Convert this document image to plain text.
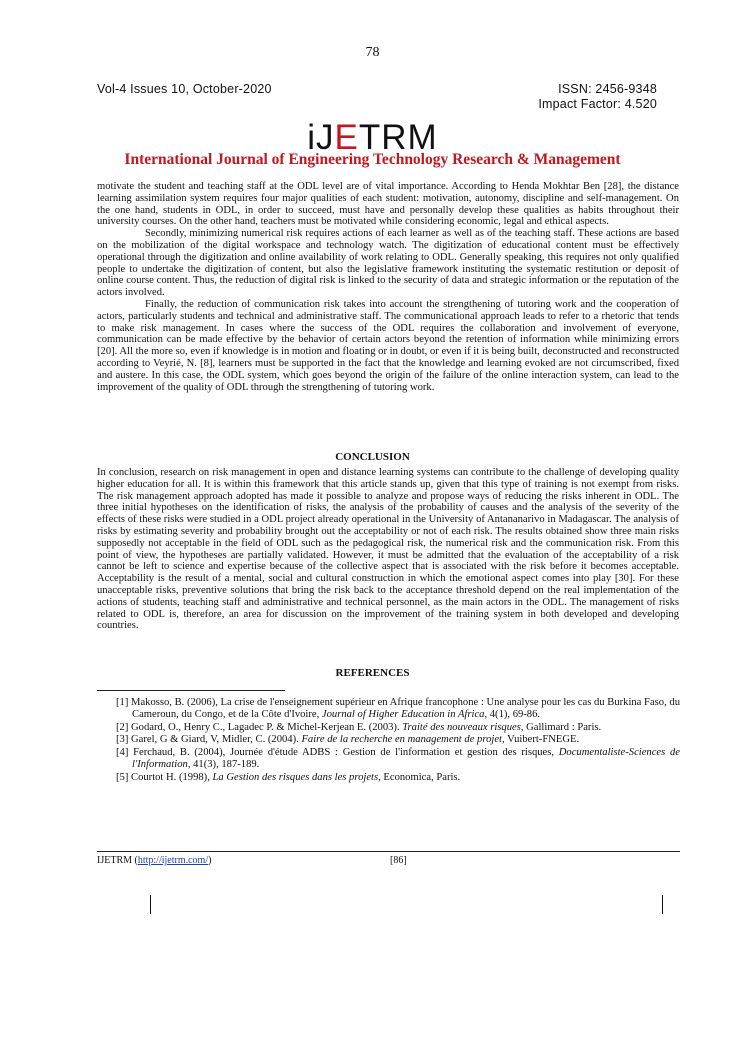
78
Vol-4 Issues 10, October-2020	ISSN: 2456-9348
Impact Factor: 4.520
iJETRM
International Journal of Engineering Technology Research & Management

motivate the student and teaching staff at the ODL level are of vital importance. According to Henda Mokhtar Ben [28], the distance learning assimilation system requires four major qualities of each student: motivation, autonomy, discipline and self-management. On the one hand, students in ODL, in order to succeed, must have and personally develop these qualities as habits throughout their university courses. On the other hand, teachers must be motivated while considering economic, legal and ethical aspects.

Secondly, minimizing numerical risk requires actions of each learner as well as of the teaching staff. These actions are based on the mobilization of the digital workspace and technology watch. The digitization of educational content must be effectively operational through the digitization and online availability of work relating to ODL. Generally speaking, this requires not only qualified people to undertake the digitization of content, but also the legislative framework instituting the systematic restitution or deposit of online course content. Thus, the reduction of digital risk is linked to the security of data and strategic information or the reputation of the actors involved.

Finally, the reduction of communication risk takes into account the strengthening of tutoring work and the cooperation of actors, particularly students and technical and administrative staff. The communicational approach leads to refer to a rhetoric that tends to make risk management. In cases where the success of the ODL requires the collaboration and involvement of everyone, communication can be made effective by the behavior of certain actors beyond the retention of information while minimizing errors [20]. All the more so, even if knowledge is in motion and floating or in doubt, or even if it is being built, deconstructed and reconstructed according to Veyrié, N. [8], learners must be supported in the fact that the knowledge and learning evoked are not circumscribed, fixed and austere. In this case, the ODL system, which goes beyond the origin of the failure of the online interaction system, can lead to the improvement of the quality of ODL through the strengthening of tutoring work.

CONCLUSION

In conclusion, research on risk management in open and distance learning systems can contribute to the challenge of developing quality higher education for all. It is within this framework that this article stands up, given that this type of training is not exempt from risks. The risk management approach adopted has made it possible to analyze and propose ways of reducing the risks inherent in ODL. The three initial hypotheses on the identification of risks, the analysis of the probability of causes and the analysis of the severity of the effects of these risks were studied in a ODL project already operational in the University of Antananarivo in Madagascar. The analysis of risks by estimating severity and probability brought out the acceptability or not of each risk. The results obtained show three main risks supposedly not acceptable in the field of ODL such as the pedagogical risk, the numerical risk and the communication risk. From this point of view, the hypotheses are partially validated. However, it must be admitted that the evaluation of the acceptability of a risk cannot be left to science and expertise because of the collective aspect that is associated with the risk before it becomes acceptable. Acceptability is the result of a mental, social and cultural construction in which the emotional aspect comes into play [30]. For these unacceptable risks, preventive solutions that bring the risk back to the acceptance threshold depend on the real implementation of the actions of students, teaching staff and administrative and technical personnel, as the main actors in the ODL. The management of risks related to ODL is, therefore, an area for discussion on the improvement of the training system in both developed and developing countries.

REFERENCES

[1] Makosso, B. (2006), La crise de l'enseignement supérieur en Afrique francophone : Une analyse pour les cas du Burkina Faso, du Cameroun, du Congo, et de la Côte d'Ivoire, Journal of Higher Education in Africa, 4(1), 69-86.

[2] Godard, O., Henry C., Lagadec P. & Michel-Kerjean E. (2003). Traité des nouveaux risques, Gallimard : Paris.

[3] Garel, G & Giard, V, Midler, C. (2004). Faire de la recherche en management de projet, Vuibert-FNEGE.

[4] Ferchaud, B. (2004), Journée d'étude ADBS : Gestion de l'information et gestion des risques, Documentaliste-Sciences de l'Information, 41(3), 187-189.

[5] Courtot H. (1998), La Gestion des risques dans les projets, Economica, Paris.

IJETRM (http://ijetrm.com/)	[86]
